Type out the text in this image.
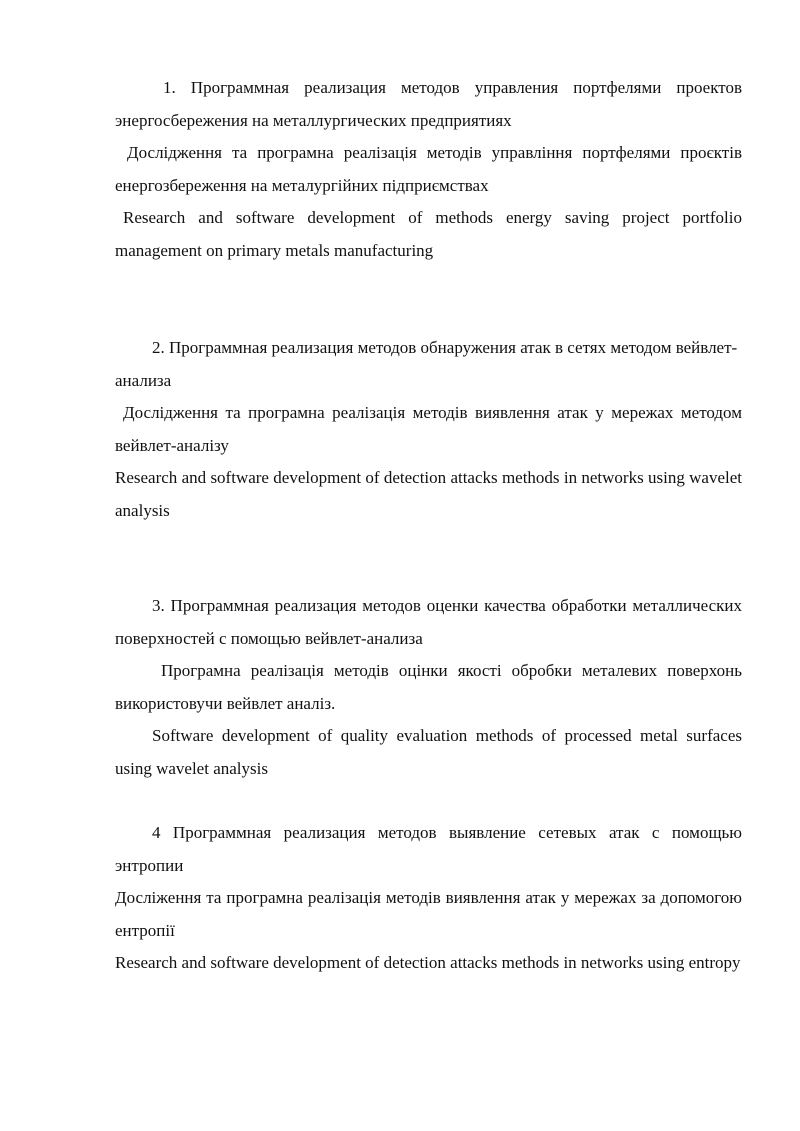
1. Программная реализация методов управления портфелями проектов энергосбережения на металлургических предприятиях

Дослідження та програмна реалізація методів управління портфелями проєктів енергозбереження на металургійних підприємствах

Research and software development of methods energy saving project portfolio management on primary metals manufacturing

2. Программная реализация методов обнаружения атак в сетях методом вейвлет-анализа

Дослідження та програмна реалізація методів виявлення атак у мережах методом вейвлет-аналізу

Research and software development of detection attacks methods in networks using wavelet analysis

3. Программная реализация методов оценки качества обработки металлических поверхностей с помощью вейвлет-анализа

Програмна реалізація методів оцінки якості обробки металевих поверхонь використовучи вейвлет аналіз.

Software development of quality evaluation methods of processed metal surfaces using wavelet analysis

4 Программная реализация методов выявление сетевых атак с помощью энтропии

Досліження та програмна реалізація методів виявлення атак у мережах за допомогою ентропії

Research and software development of detection attacks methods in networks using entropy
